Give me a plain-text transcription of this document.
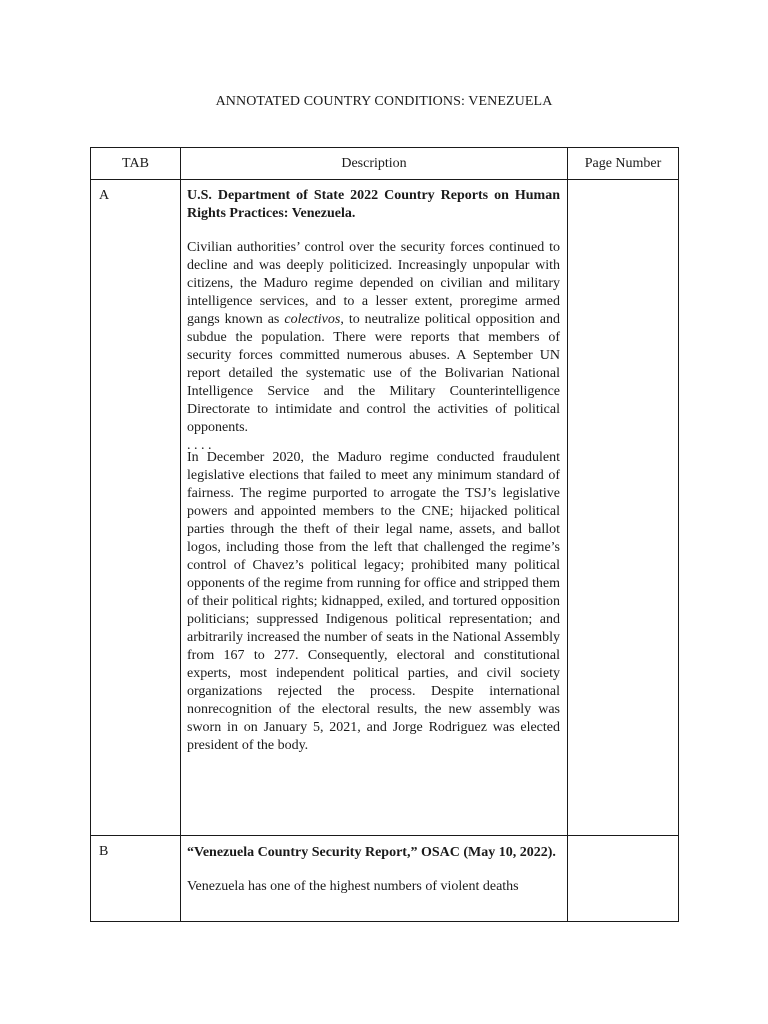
ANNOTATED COUNTRY CONDITIONS: VENEZUELA
TAB	Description	Page Number
A	U.S. Department of State 2022 Country Reports on Human Rights Practices: Venezuela.

Civilian authorities’ control over the security forces continued to decline and was deeply politicized. Increasingly unpopular with citizens, the Maduro regime depended on civilian and military intelligence services, and to a lesser extent, proregime armed gangs known as colectivos, to neutralize political opposition and subdue the population. There were reports that members of security forces committed numerous abuses. A September UN report detailed the systematic use of the Bolivarian National Intelligence Service and the Military Counterintelligence Directorate to intimidate and control the activities of political opponents.

. . . .

In December 2020, the Maduro regime conducted fraudulent legislative elections that failed to meet any minimum standard of fairness. The regime purported to arrogate the TSJ’s legislative powers and appointed members to the CNE; hijacked political parties through the theft of their legal name, assets, and ballot logos, including those from the left that challenged the regime’s control of Chavez’s political legacy; prohibited many political opponents of the regime from running for office and stripped them of their political rights; kidnapped, exiled, and tortured opposition politicians; suppressed Indigenous political representation; and arbitrarily increased the number of seats in the National Assembly from 167 to 277. Consequently, electoral and constitutional experts, most independent political parties, and civil society organizations rejected the process. Despite international nonrecognition of the electoral results, the new assembly was sworn in on January 5, 2021, and Jorge Rodriguez was elected president of the body.

B	“Venezuela Country Security Report,” OSAC (May 10, 2022).

Venezuela has one of the highest numbers of violent deaths
